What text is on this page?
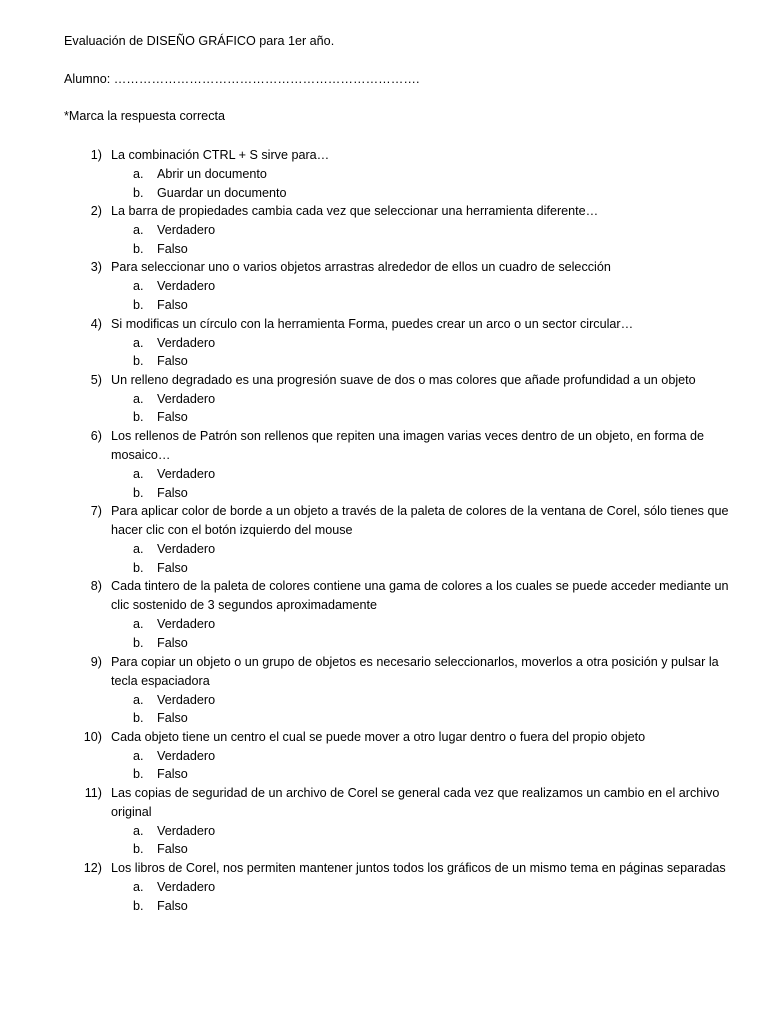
Evaluación de DISEÑO GRÁFICO para 1er año.
Alumno: ……………………………………………………………….
*Marca la respuesta correcta
1) La combinación CTRL + S sirve para…
a. Abrir un documento
b. Guardar un documento
2) La barra de propiedades cambia cada vez que seleccionar una herramienta diferente…
a. Verdadero
b. Falso
3) Para seleccionar uno o varios objetos arrastras alrededor de ellos un cuadro de selección
a. Verdadero
b. Falso
4) Si modificas un círculo con la herramienta Forma, puedes crear un arco o un sector circular…
a. Verdadero
b. Falso
5) Un relleno degradado es una progresión suave de dos o mas colores que añade profundidad a un objeto
a. Verdadero
b. Falso
6) Los rellenos de Patrón son rellenos que repiten una imagen varias veces dentro de un objeto, en forma de mosaico…
a. Verdadero
b. Falso
7) Para aplicar color de borde a un objeto a través de la paleta de colores de la ventana de Corel, sólo tienes que hacer clic con el botón izquierdo del mouse
a. Verdadero
b. Falso
8) Cada tintero de la paleta de colores contiene una gama de colores a los cuales se puede acceder mediante un clic sostenido de 3 segundos aproximadamente
a. Verdadero
b. Falso
9) Para copiar un objeto o un grupo de objetos es necesario seleccionarlos, moverlos a otra posición y pulsar la tecla espaciadora
a. Verdadero
b. Falso
10) Cada objeto tiene un centro el cual se puede mover a otro lugar dentro o fuera del propio objeto
a. Verdadero
b. Falso
11) Las copias de seguridad de un archivo de Corel se general cada vez que realizamos un cambio en el archivo original
a. Verdadero
b. Falso
12) Los libros de Corel, nos permiten mantener juntos todos los gráficos de un mismo tema en páginas separadas
a. Verdadero
b. Falso
